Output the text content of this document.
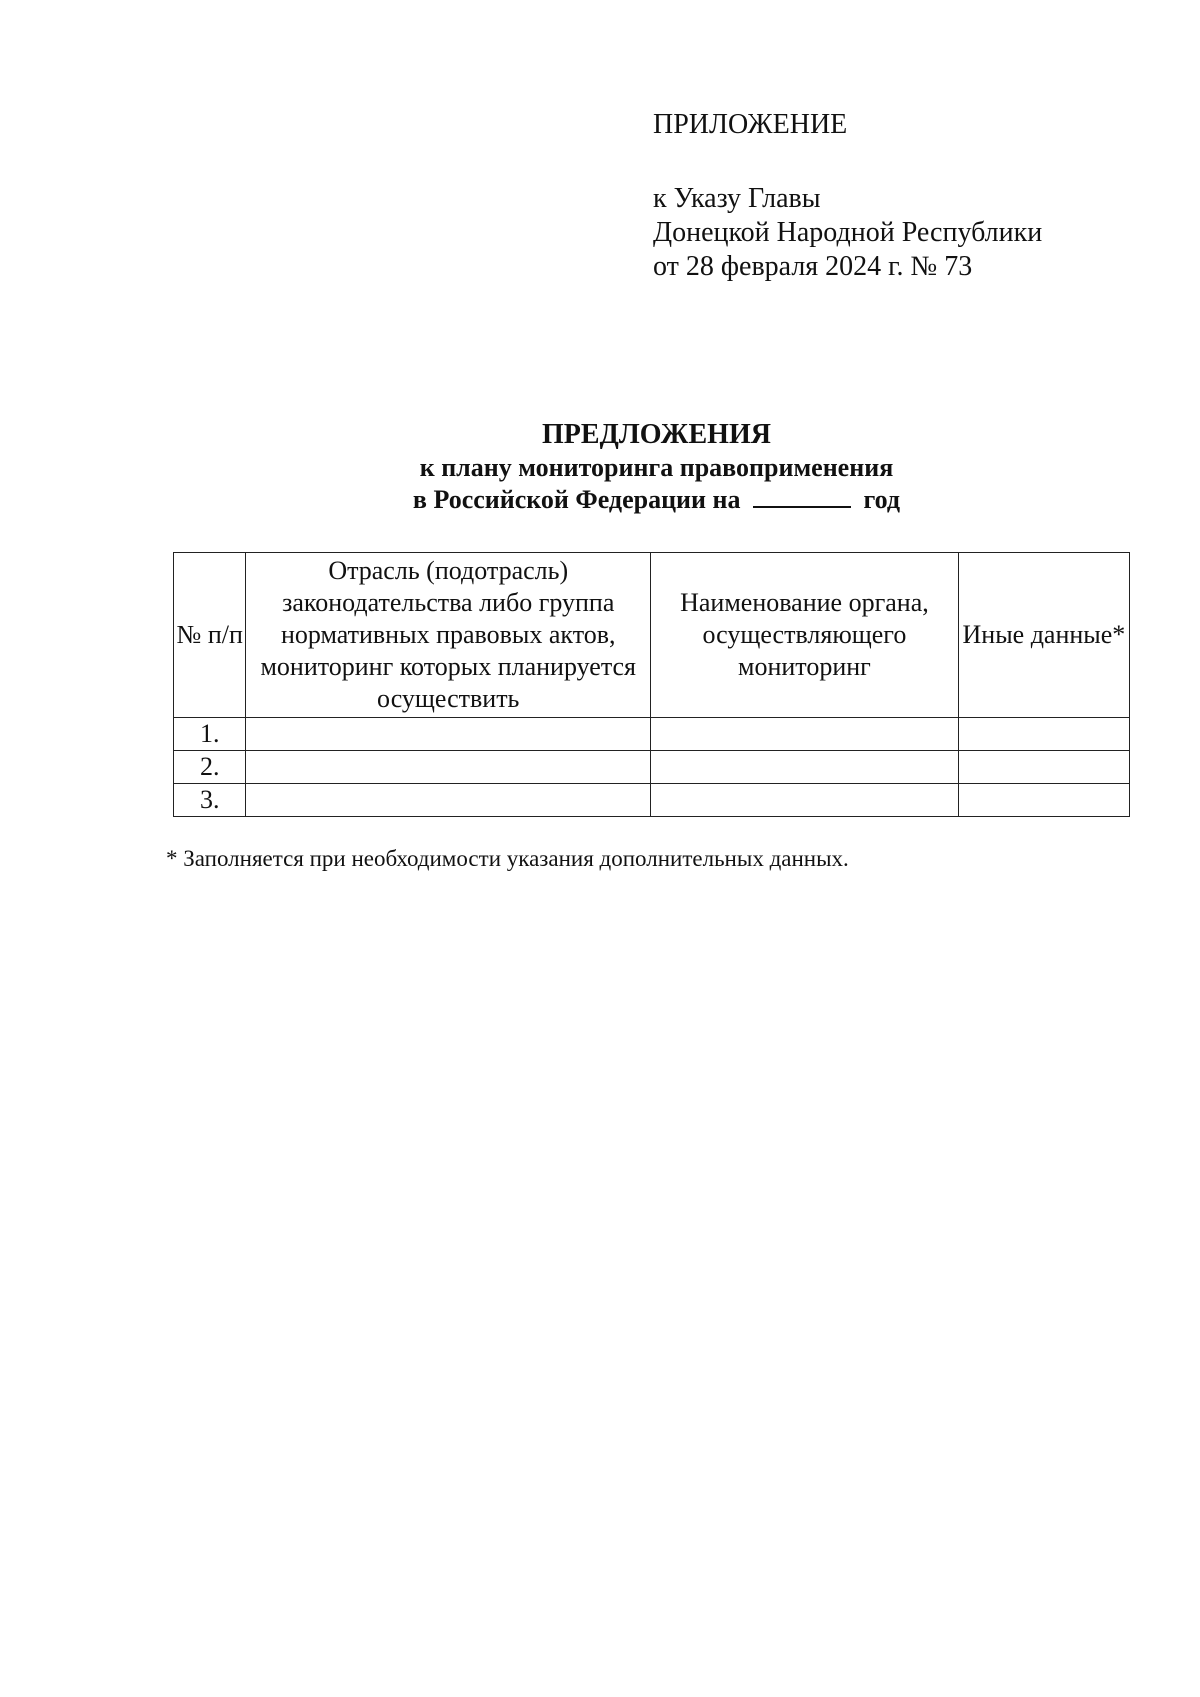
ПРИЛОЖЕНИЕ
к Указу Главы
Донецкой Народной Республики
от 28 февраля 2024 г. № 73
ПРЕДЛОЖЕНИЯ
к плану мониторинга правоприменения
в Российской Федерации на	год
№ п/п	Отрасль (подотрасль) законодательства либо группа нормативных правовых актов, мониторинг которых планируется осуществить	Наименование органа, осуществляющего мониторинг	Иные данные*
1.			
2.			
3.			
* Заполняется при необходимости указания дополнительных данных.
